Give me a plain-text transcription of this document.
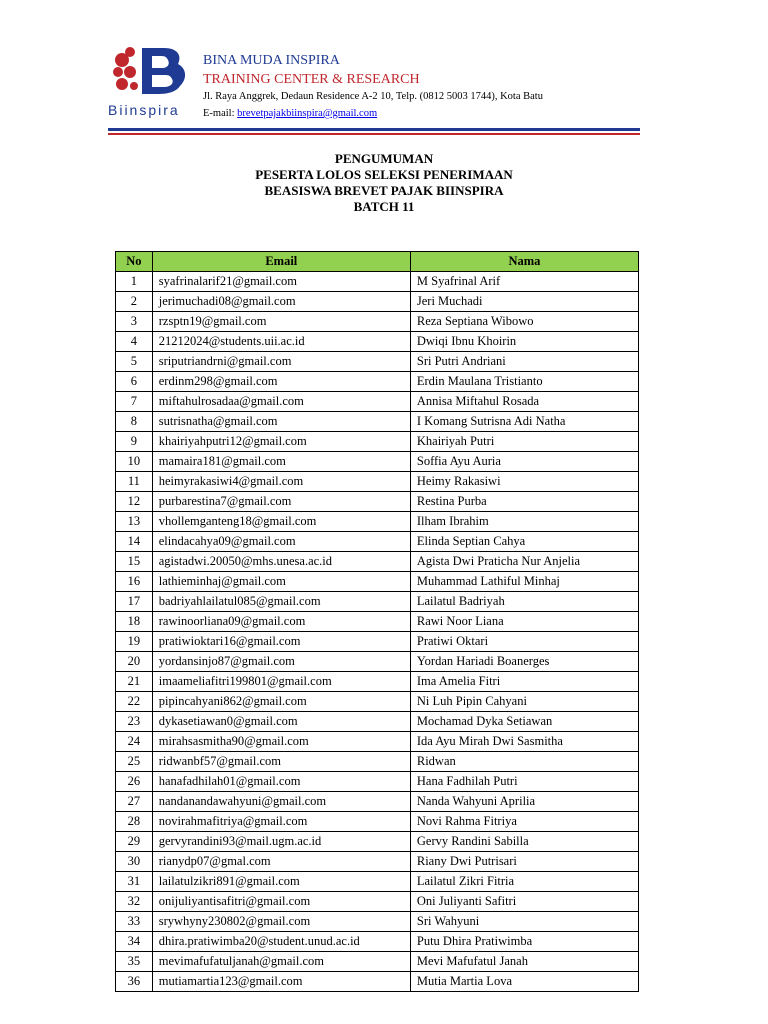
Biinspira
BINA MUDA INSPIRA
TRAINING CENTER & RESEARCH
Jl. Raya Anggrek, Dedaun Residence A-2 10, Telp. (0812 5003 1744), Kota Batu
E-mail: brevetpajakbiinspira@gmail.com
PENGUMUMAN
PESERTA LOLOS SELEKSI PENERIMAAN
BEASISWA BREVET PAJAK BIINSPIRA
BATCH 11
No	Email	Nama
1	syafrinalarif21@gmail.com	M Syafrinal Arif
2	jerimuchadi08@gmail.com	Jeri Muchadi
3	rzsptn19@gmail.com	Reza Septiana Wibowo
4	21212024@students.uii.ac.id	Dwiqi Ibnu Khoirin
5	sriputriandrni@gmail.com	Sri Putri Andriani
6	erdinm298@gmail.com	Erdin Maulana Tristianto
7	miftahulrosadaa@gmail.com	Annisa Miftahul Rosada
8	sutrisnatha@gmail.com	I Komang Sutrisna Adi Natha
9	khairiyahputri12@gmail.com	Khairiyah Putri
10	mamaira181@gmail.com	Soffia Ayu Auria
11	heimyrakasiwi4@gmail.com	Heimy Rakasiwi
12	purbarestina7@gmail.com	Restina Purba
13	vhollemganteng18@gmail.com	Ilham Ibrahim
14	elindacahya09@gmail.com	Elinda Septian Cahya
15	agistadwi.20050@mhs.unesa.ac.id	Agista Dwi Praticha Nur Anjelia
16	lathieminhaj@gmail.com	Muhammad Lathiful Minhaj
17	badriyahlailatul085@gmail.com	Lailatul Badriyah
18	rawinoorliana09@gmail.com	Rawi Noor Liana
19	pratiwioktari16@gmail.com	Pratiwi Oktari
20	yordansinjo87@gmail.com	Yordan Hariadi Boanerges
21	imaameliafitri199801@gmail.com	Ima Amelia Fitri
22	pipincahyani862@gmail.com	Ni Luh Pipin Cahyani
23	dykasetiawan0@gmail.com	Mochamad Dyka Setiawan
24	mirahsasmitha90@gmail.com	Ida Ayu Mirah Dwi Sasmitha
25	ridwanbf57@gmail.com	Ridwan
26	hanafadhilah01@gmail.com	Hana Fadhilah Putri
27	nandanandawahyuni@gmail.com	Nanda Wahyuni Aprilia
28	novirahmafitriya@gmail.com	Novi Rahma Fitriya
29	gervyrandini93@mail.ugm.ac.id	Gervy Randini Sabilla
30	rianydp07@gmal.com	Riany Dwi Putrisari
31	lailatulzikri891@gmail.com	Lailatul Zikri Fitria
32	onijuliyantisafitri@gmail.com	Oni Juliyanti Safitri
33	srywhyny230802@gmail.com	Sri Wahyuni
34	dhira.pratiwimba20@student.unud.ac.id	Putu Dhira Pratiwimba
35	mevimafufatuljanah@gmail.com	Mevi Mafufatul Janah
36	mutiamartia123@gmail.com	Mutia Martia Lova
